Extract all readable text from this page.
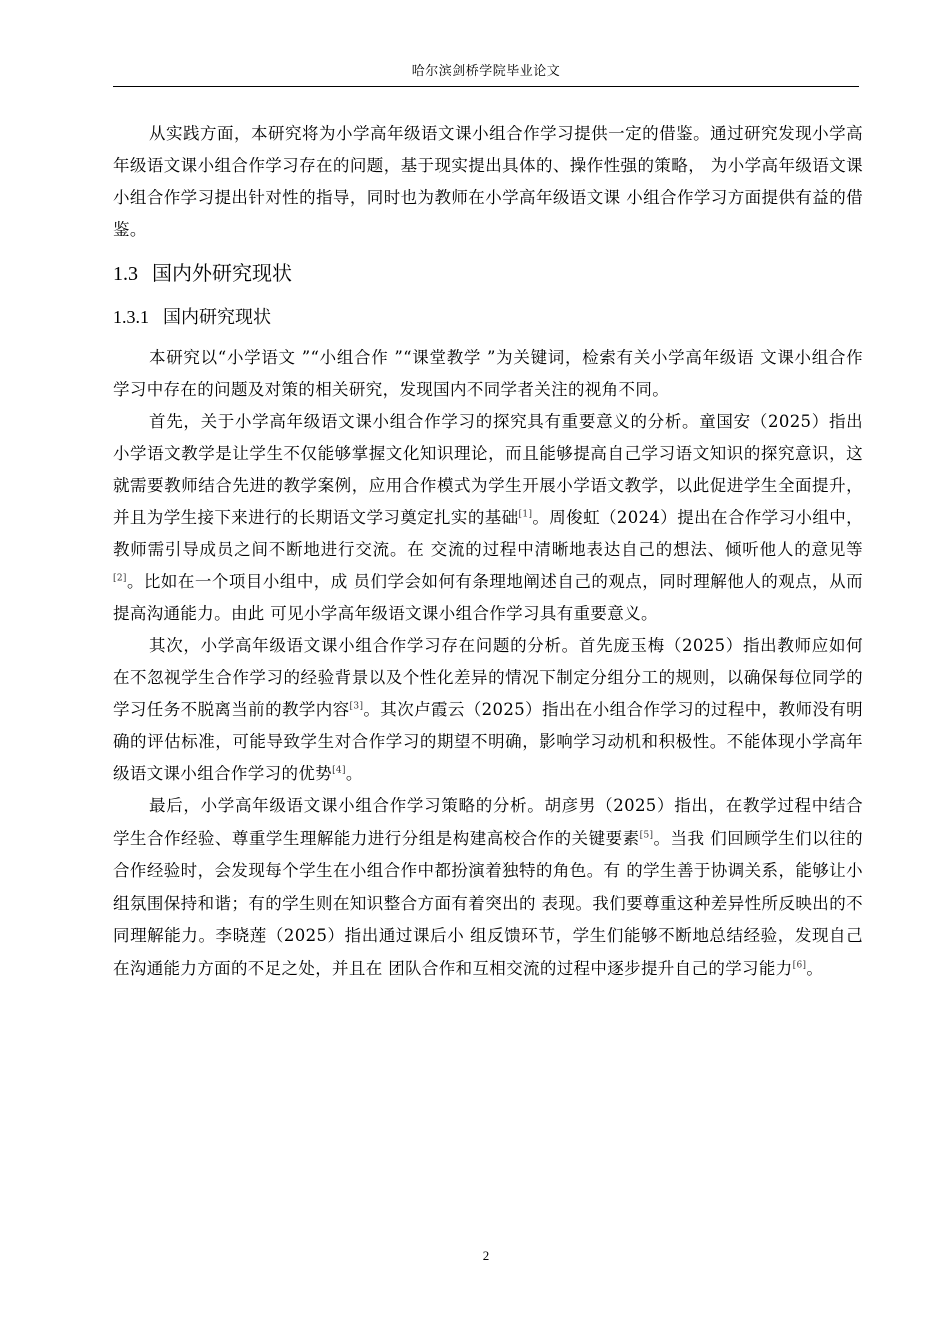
哈尔滨剑桥学院毕业论文

从实践方面，本研究将为小学高年级语文课小组合作学习提供一定的借鉴。通过研究发现小学高年级语文课小组合作学习存在的问题，基于现实提出具体的、操作性强的策略， 为小学高年级语文课小组合作学习提出针对性的指导，同时也为教师在小学高年级语文课 小组合作学习方面提供有益的借鉴。

1.3 国内外研究现状
1.3.1 国内研究现状

本研究以“小学语文 ”“小组合作 ”“课堂教学 ”为关键词，检索有关小学高年级语 文课小组合作学习中存在的问题及对策的相关研究，发现国内不同学者关注的视角不同。

首先，关于小学高年级语文课小组合作学习的探究具有重要意义的分析。童国安（2025）指出小学语文教学是让学生不仅能够掌握文化知识理论，而且能够提高自己学习语文知识的探究意识，这就需要教师结合先进的教学案例，应用合作模式为学生开展小学语文教学，以此促进学生全面提升，并且为学生接下来进行的长期语文学习奠定扎实的基础[1]。周俊虹（2024）提出在合作学习小组中，教师需引导成员之间不断地进行交流。在 交流的过程中清晰地表达自己的想法、倾听他人的意见等[2]。比如在一个项目小组中，成 员们学会如何有条理地阐述自己的观点，同时理解他人的观点，从而提高沟通能力。由此 可见小学高年级语文课小组合作学习具有重要意义。

其次，小学高年级语文课小组合作学习存在问题的分析。首先庞玉梅（2025）指出教师应如何在不忽视学生合作学习的经验背景以及个性化差异的情况下制定分组分工的规则，以确保每位同学的学习任务不脱离当前的教学内容[3]。其次卢霞云（2025）指出在小组合作学习的过程中，教师没有明确的评估标准，可能导致学生对合作学习的期望不明确，影响学习动机和积极性。不能体现小学高年级语文课小组合作学习的优势[4]。

最后，小学高年级语文课小组合作学习策略的分析。胡彦男（2025）指出，在教学过程中结合学生合作经验、尊重学生理解能力进行分组是构建高校合作的关键要素[5]。当我 们回顾学生们以往的合作经验时，会发现每个学生在小组合作中都扮演着独特的角色。有 的学生善于协调关系，能够让小组氛围保持和谐；有的学生则在知识整合方面有着突出的 表现。我们要尊重这种差异性所反映出的不同理解能力。李晓莲（2025）指出通过课后小 组反馈环节，学生们能够不断地总结经验，发现自己在沟通能力方面的不足之处，并且在 团队合作和互相交流的过程中逐步提升自己的学习能力[6]。

2
